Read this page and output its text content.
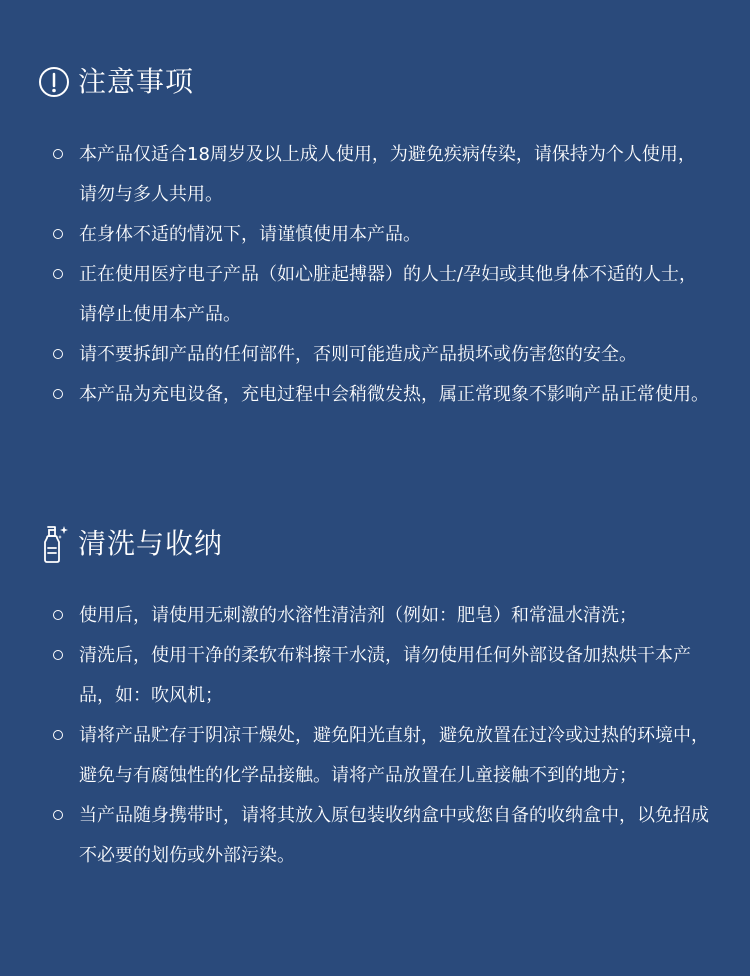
注意事项
本产品仅适合18周岁及以上成人使用，为避免疾病传染，请保持为个人使用，请勿与多人共用。
在身体不适的情况下，请谨慎使用本产品。
正在使用医疗电子产品（如心脏起搏器）的人士/孕妇或其他身体不适的人士，请停止使用本产品。
请不要拆卸产品的任何部件，否则可能造成产品损坏或伤害您的安全。
本产品为充电设备，充电过程中会稍微发热，属正常现象不影响产品正常使用。
清洗与收纳
使用后，请使用无刺激的水溶性清洁剂（例如：肥皂）和常温水清洗；
清洗后，使用干净的柔软布料擦干水渍，请勿使用任何外部设备加热烘干本产品，如：吹风机；
请将产品贮存于阴凉干燥处，避免阳光直射，避免放置在过冷或过热的环境中，避免与有腐蚀性的化学品接触。请将产品放置在儿童接触不到的地方；
当产品随身携带时，请将其放入原包装收纳盒中或您自备的收纳盒中，以免招成不必要的划伤或外部污染。
